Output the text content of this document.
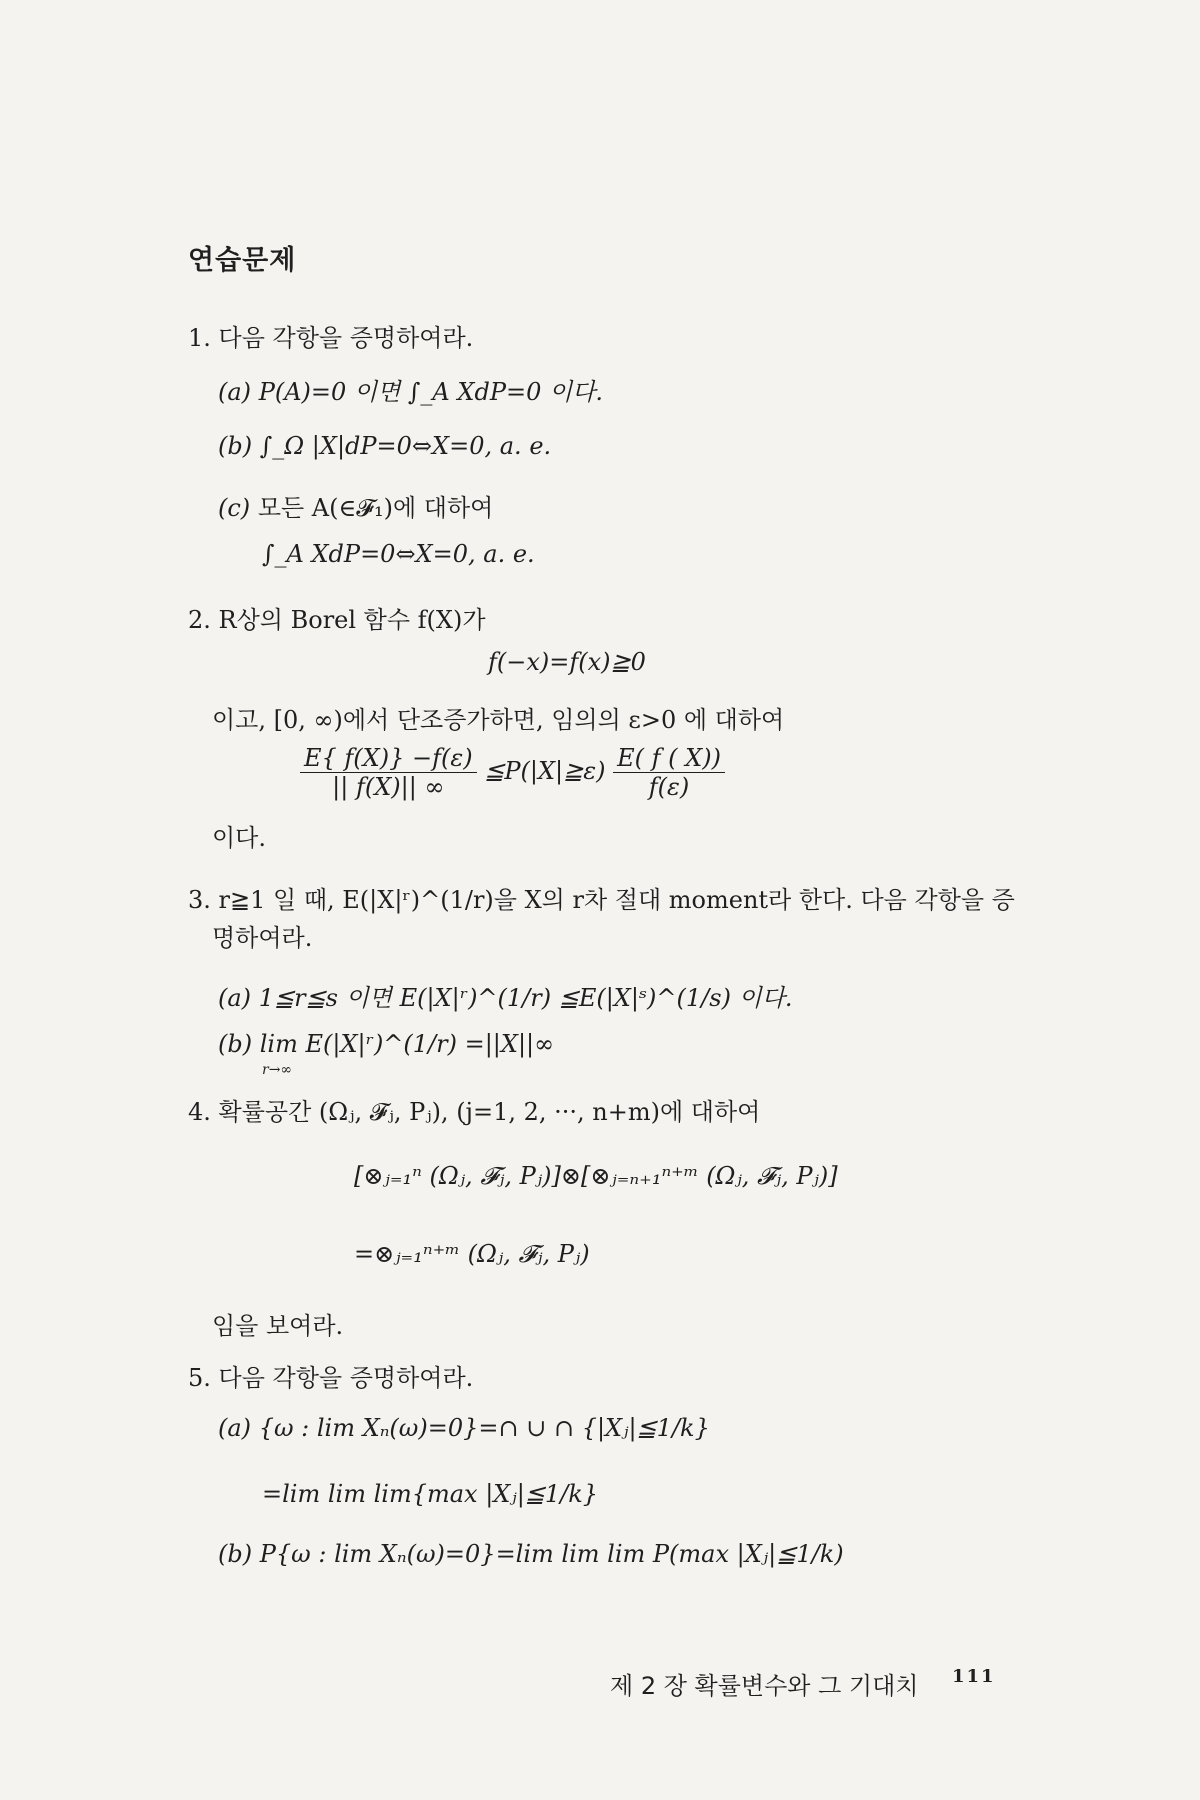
연습문제
1. 다음 각항을 증명하여라.
(a) P(A)=0 이면 ∫_A XdP=0 이다.
(b) ∫_Ω |X|dP=0⇔X=0, a. e.
(c) 모든 A(∈𝓕₁)에 대하여
∫_A XdP=0⇔X=0, a. e.
2. R상의 Borel 함수 f(X)가
f(−x)=f(x)≧0
이고, [0, ∞)에서 단조증가하면, 임의의 ε>0 에 대하여
$\frac{E\{ f(X)\} -f(\varepsilon)}{|| f(X)|| \infty}$ ≦P(|X|≧ε) $\frac{E( f ( X))}{f(\varepsilon)}$
이다.
3. r≧1 일 때, E(|X|ʳ)^(1/r)을 X의 r차 절대 moment라 한다. 다음 각항을 증
명하여라.
(a) 1≦r≦s 이면 E(|X|ʳ)^(1/r) ≦E(|X|ˢ)^(1/s) 이다.
(b) lim E(|X|ʳ)^(1/r) =||X||∞
r→∞
4. 확률공간 (Ωⱼ, 𝓕ⱼ, Pⱼ), (j=1, 2, ···, n+m)에 대하여
[⊗ⱼ₌₁ⁿ (Ωⱼ, 𝓕ⱼ, Pⱼ)]⊗[⊗ⱼ₌ₙ₊₁ⁿ⁺ᵐ (Ωⱼ, 𝓕ⱼ, Pⱼ)]
=⊗ⱼ₌₁ⁿ⁺ᵐ (Ωⱼ, 𝓕ⱼ, Pⱼ)
임을 보여라.
5. 다음 각항을 증명하여라.
(a) {ω : lim Xₙ(ω)=0}=∩ ∪ ∩ {|Xⱼ|≦1/k}
=lim lim lim{max |Xⱼ|≦1/k}
(b) P{ω : lim Xₙ(ω)=0}=lim lim lim P(max |Xⱼ|≦1/k)
제 2 장 확률변수와 그 기대치 111
